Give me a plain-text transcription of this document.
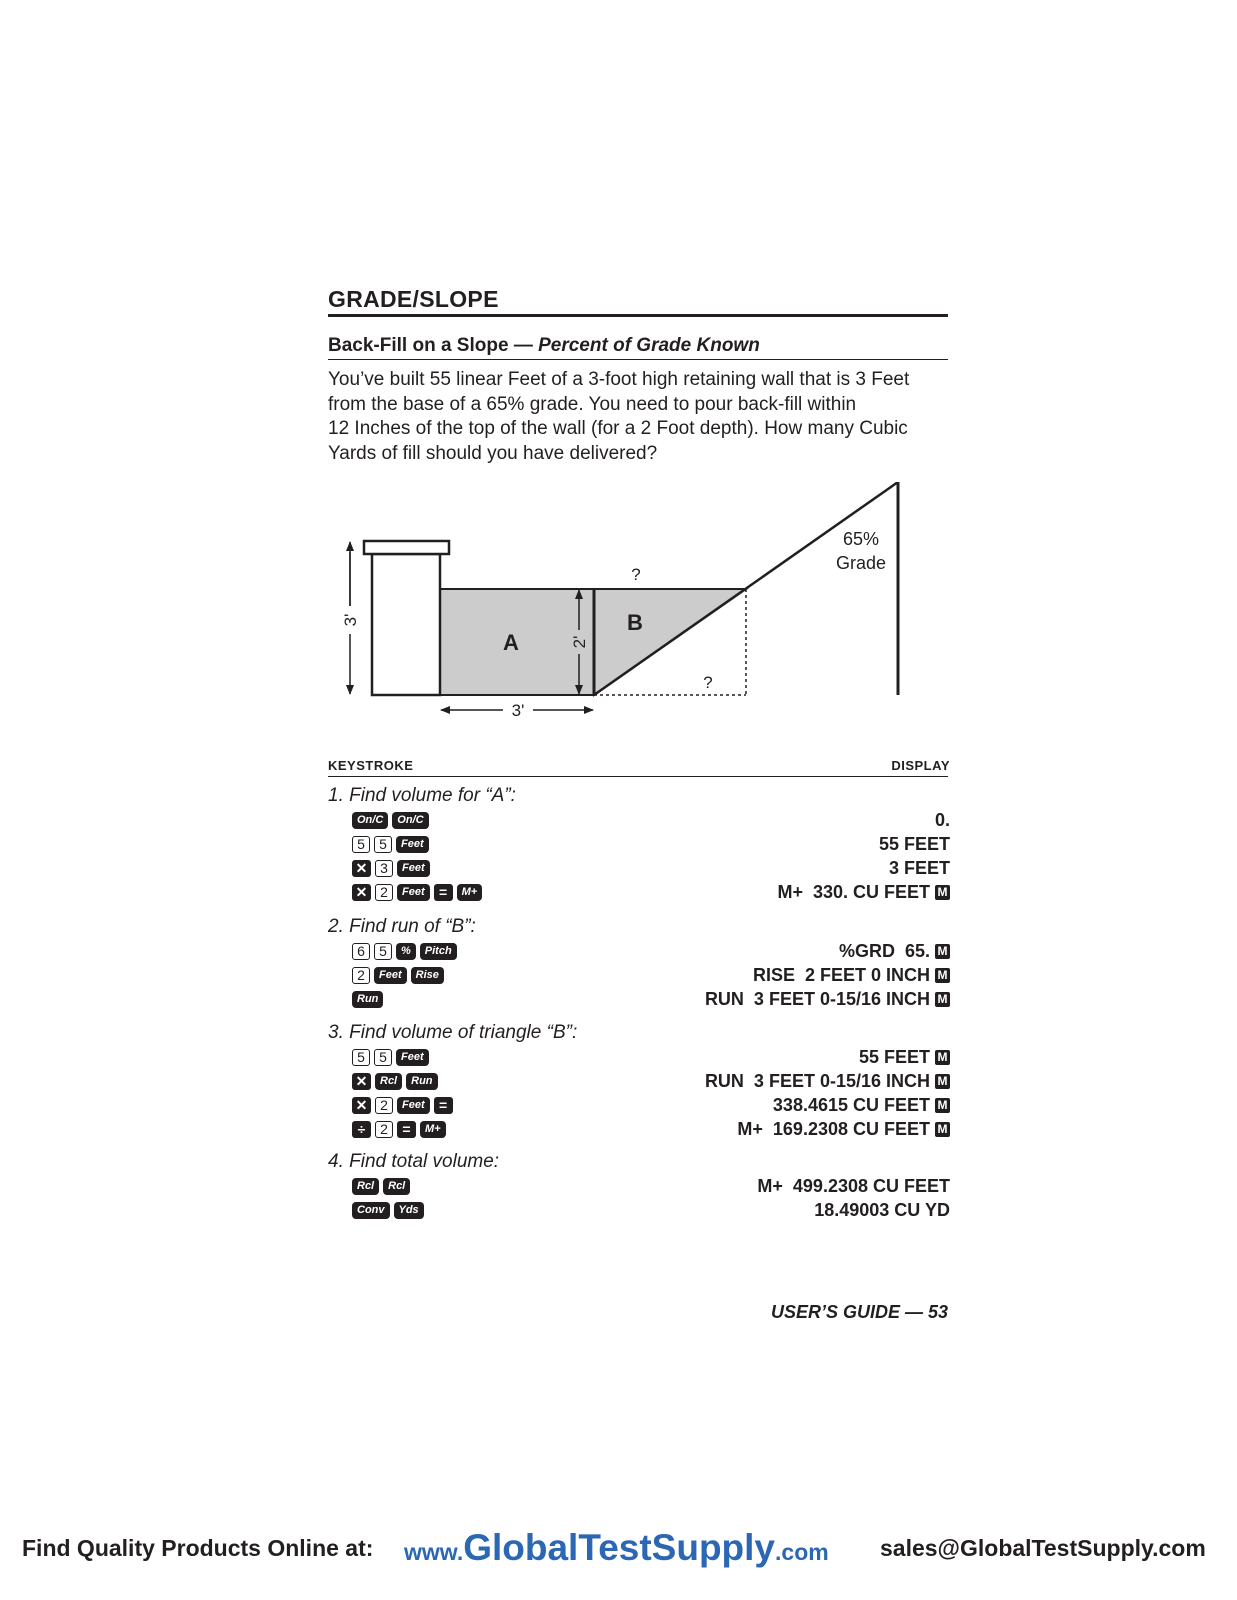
GRADE/SLOPE
Back-Fill on a Slope — Percent of Grade Known
You’ve built 55 linear Feet of a 3-foot high retaining wall that is 3 Feet
from the base of a 65% grade. You need to pour back-fill within
12 Inches of the top of the wall (for a 2 Foot depth). How many Cubic
Yards of fill should you have delivered?
3'
2'
3'
A
B
?
?
65%
Grade
KEYSTROKE	DISPLAY
1. Find volume for “A”:
On/C	On/C	0.
5	5	Feet	55 FEET
✕ 3	Feet	3 FEET
✕ 2	Feet	=	M+	M+  330. CU FEET M
2. Find run of “B”:
6	5	%	Pitch	%GRD  65. M
2	Feet	Rise	RISE  2 FEET 0 INCH M
Run	RUN  3 FEET 0-15/16 INCH M
3. Find volume of triangle “B”:
5	5	Feet	55 FEET M
✕	Rcl	Run	RUN  3 FEET 0-15/16 INCH M
✕ 2	Feet	=	338.4615 CU FEET M
÷	2	=	M+	M+  169.2308 CU FEET M
4. Find total volume:
Rcl	Rcl	M+  499.2308 CU FEET
Conv	Yds	18.49003 CU YD
USER’S GUIDE — 53
Find Quality Products Online at: www.GlobalTestSupply.com sales@GlobalTestSupply.com
